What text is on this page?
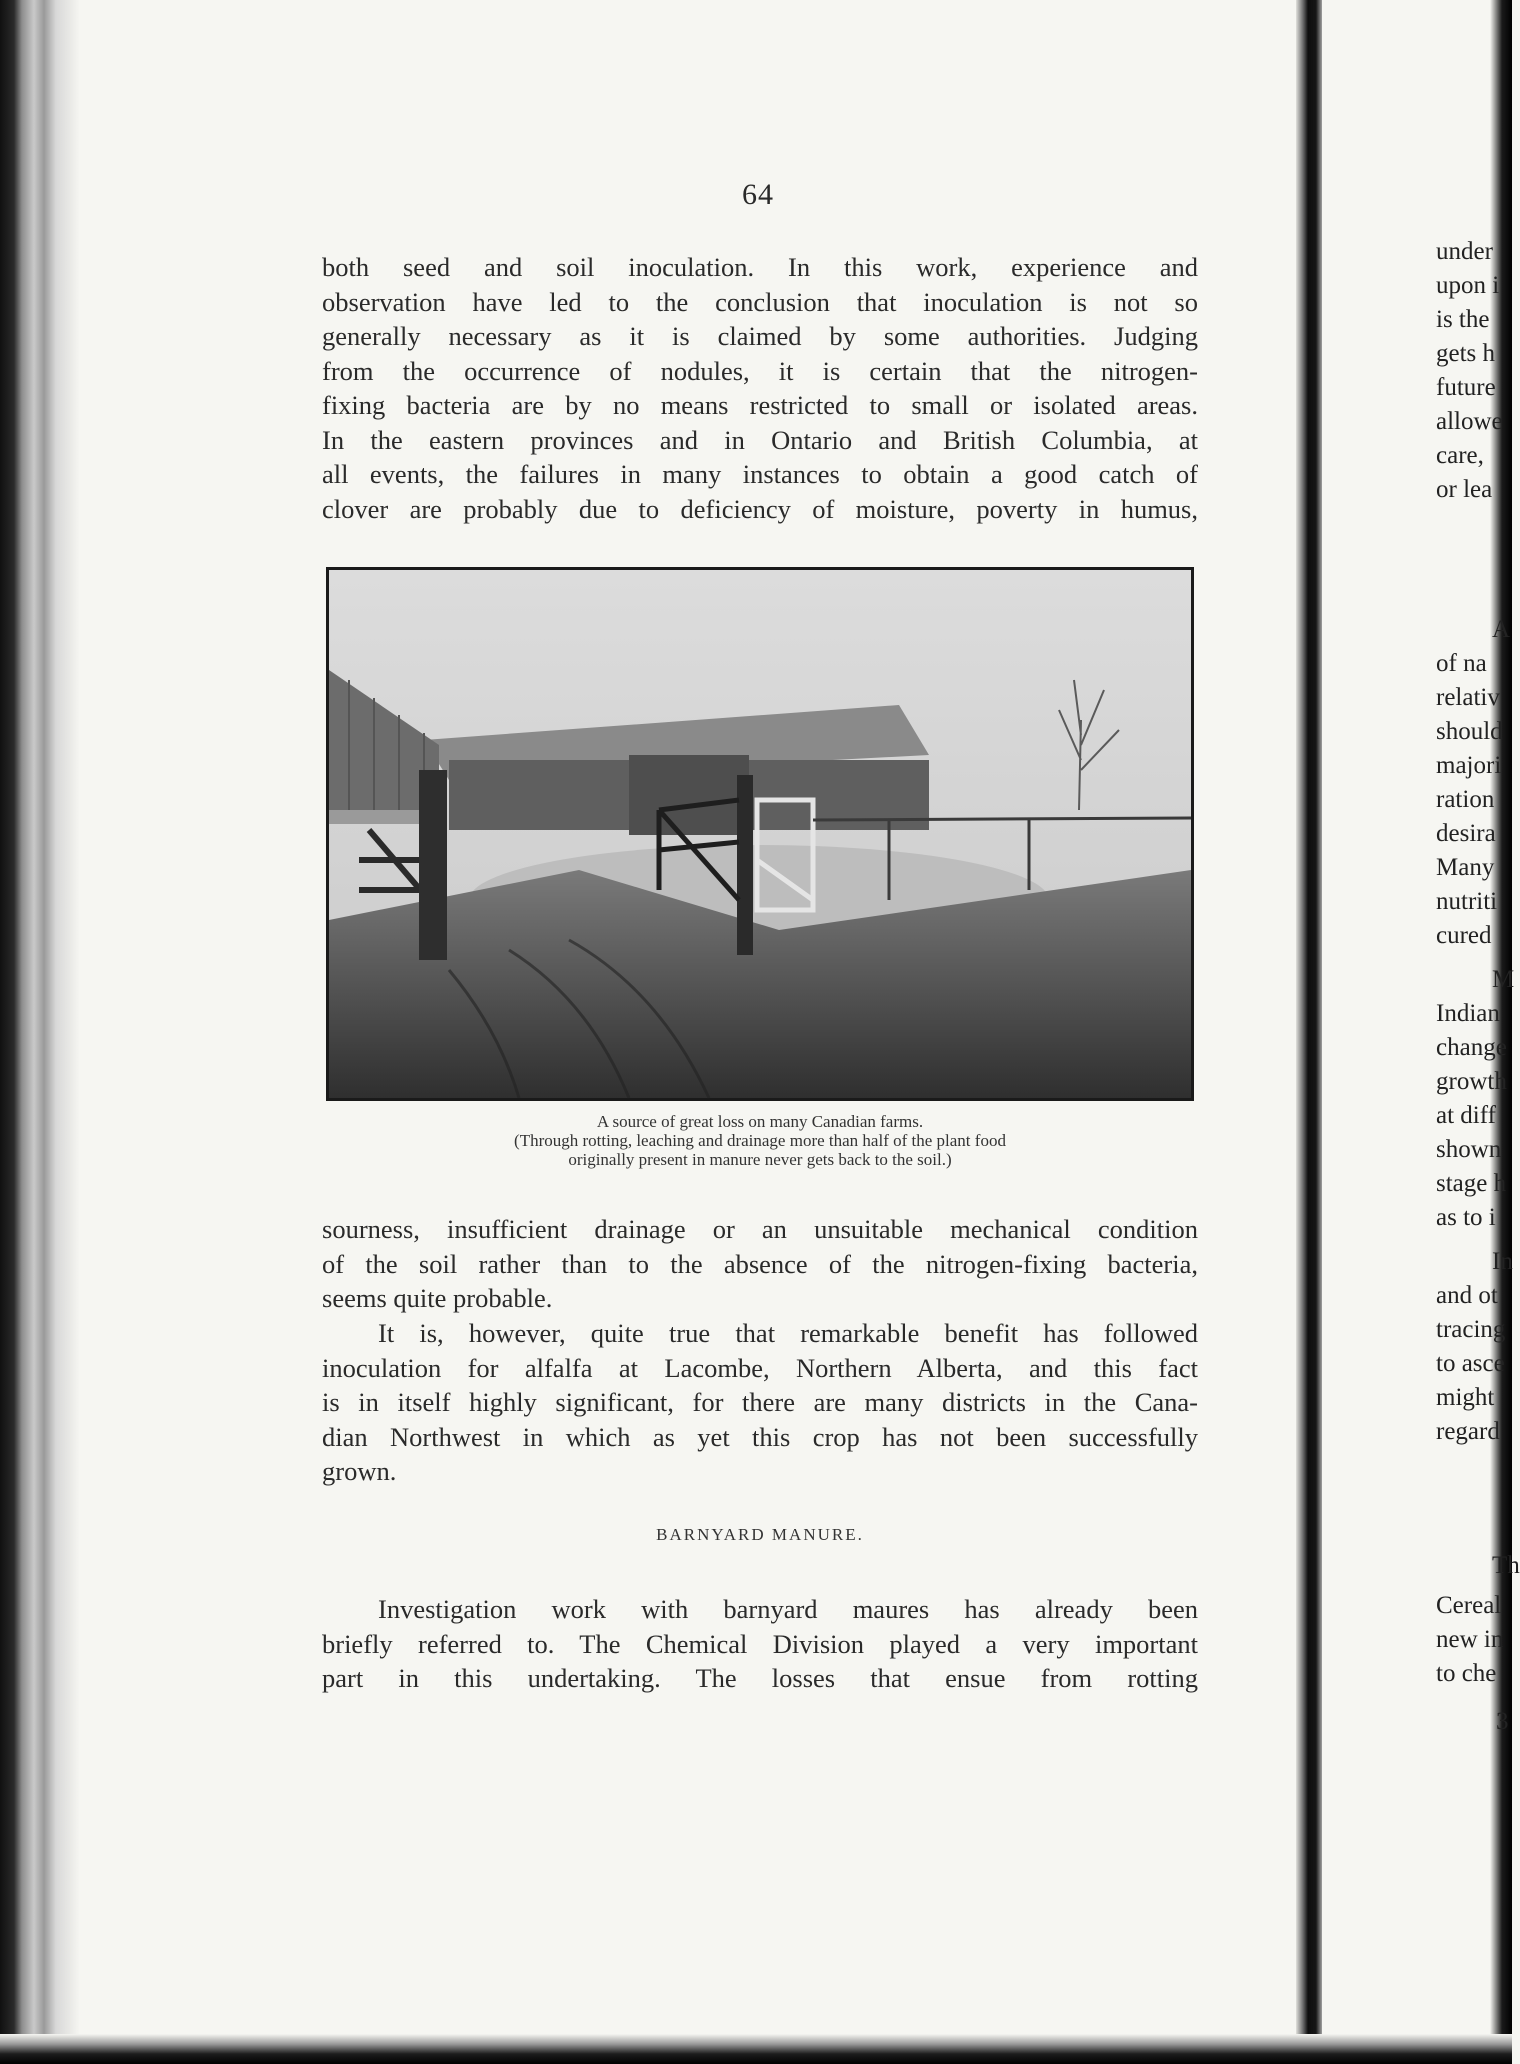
64
both seed and soil inoculation. In this work, experience and
observation have led to the conclusion that inoculation is not so
generally necessary as it is claimed by some authorities. Judging
from the occurrence of nodules, it is certain that the nitrogen-
fixing bacteria are by no means restricted to small or isolated areas.
In the eastern provinces and in Ontario and British Columbia, at
all events, the failures in many instances to obtain a good catch of
clover are probably due to deficiency of moisture, poverty in humus,
A source of great loss on many Canadian farms.
(Through rotting, leaching and drainage more than half of the plant food
originally present in manure never gets back to the soil.)
sourness, insufficient drainage or an unsuitable mechanical condition
of the soil rather than to the absence of the nitrogen-fixing bacteria,
seems quite probable.
It is, however, quite true that remarkable benefit has followed
inoculation for alfalfa at Lacombe, Northern Alberta, and this fact
is in itself highly significant, for there are many districts in the Cana-
dian Northwest in which as yet this crop has not been successfully
grown.
BARNYARD MANURE.
Investigation work with barnyard maures has already been
briefly referred to. The Chemical Division played a very important
part in this undertaking. The losses that ensue from rotting
under
upon i
is the
gets h
future
allowe
care,
or lea
A
of na
relativ
should
majori
ration
desira
Many
nutriti
cured
M
Indian
change
growth
at diff
shown
stage h
as to i
In
and ot
tracing
to asce
might
regard
Th
Cereal
new in
to che
3
